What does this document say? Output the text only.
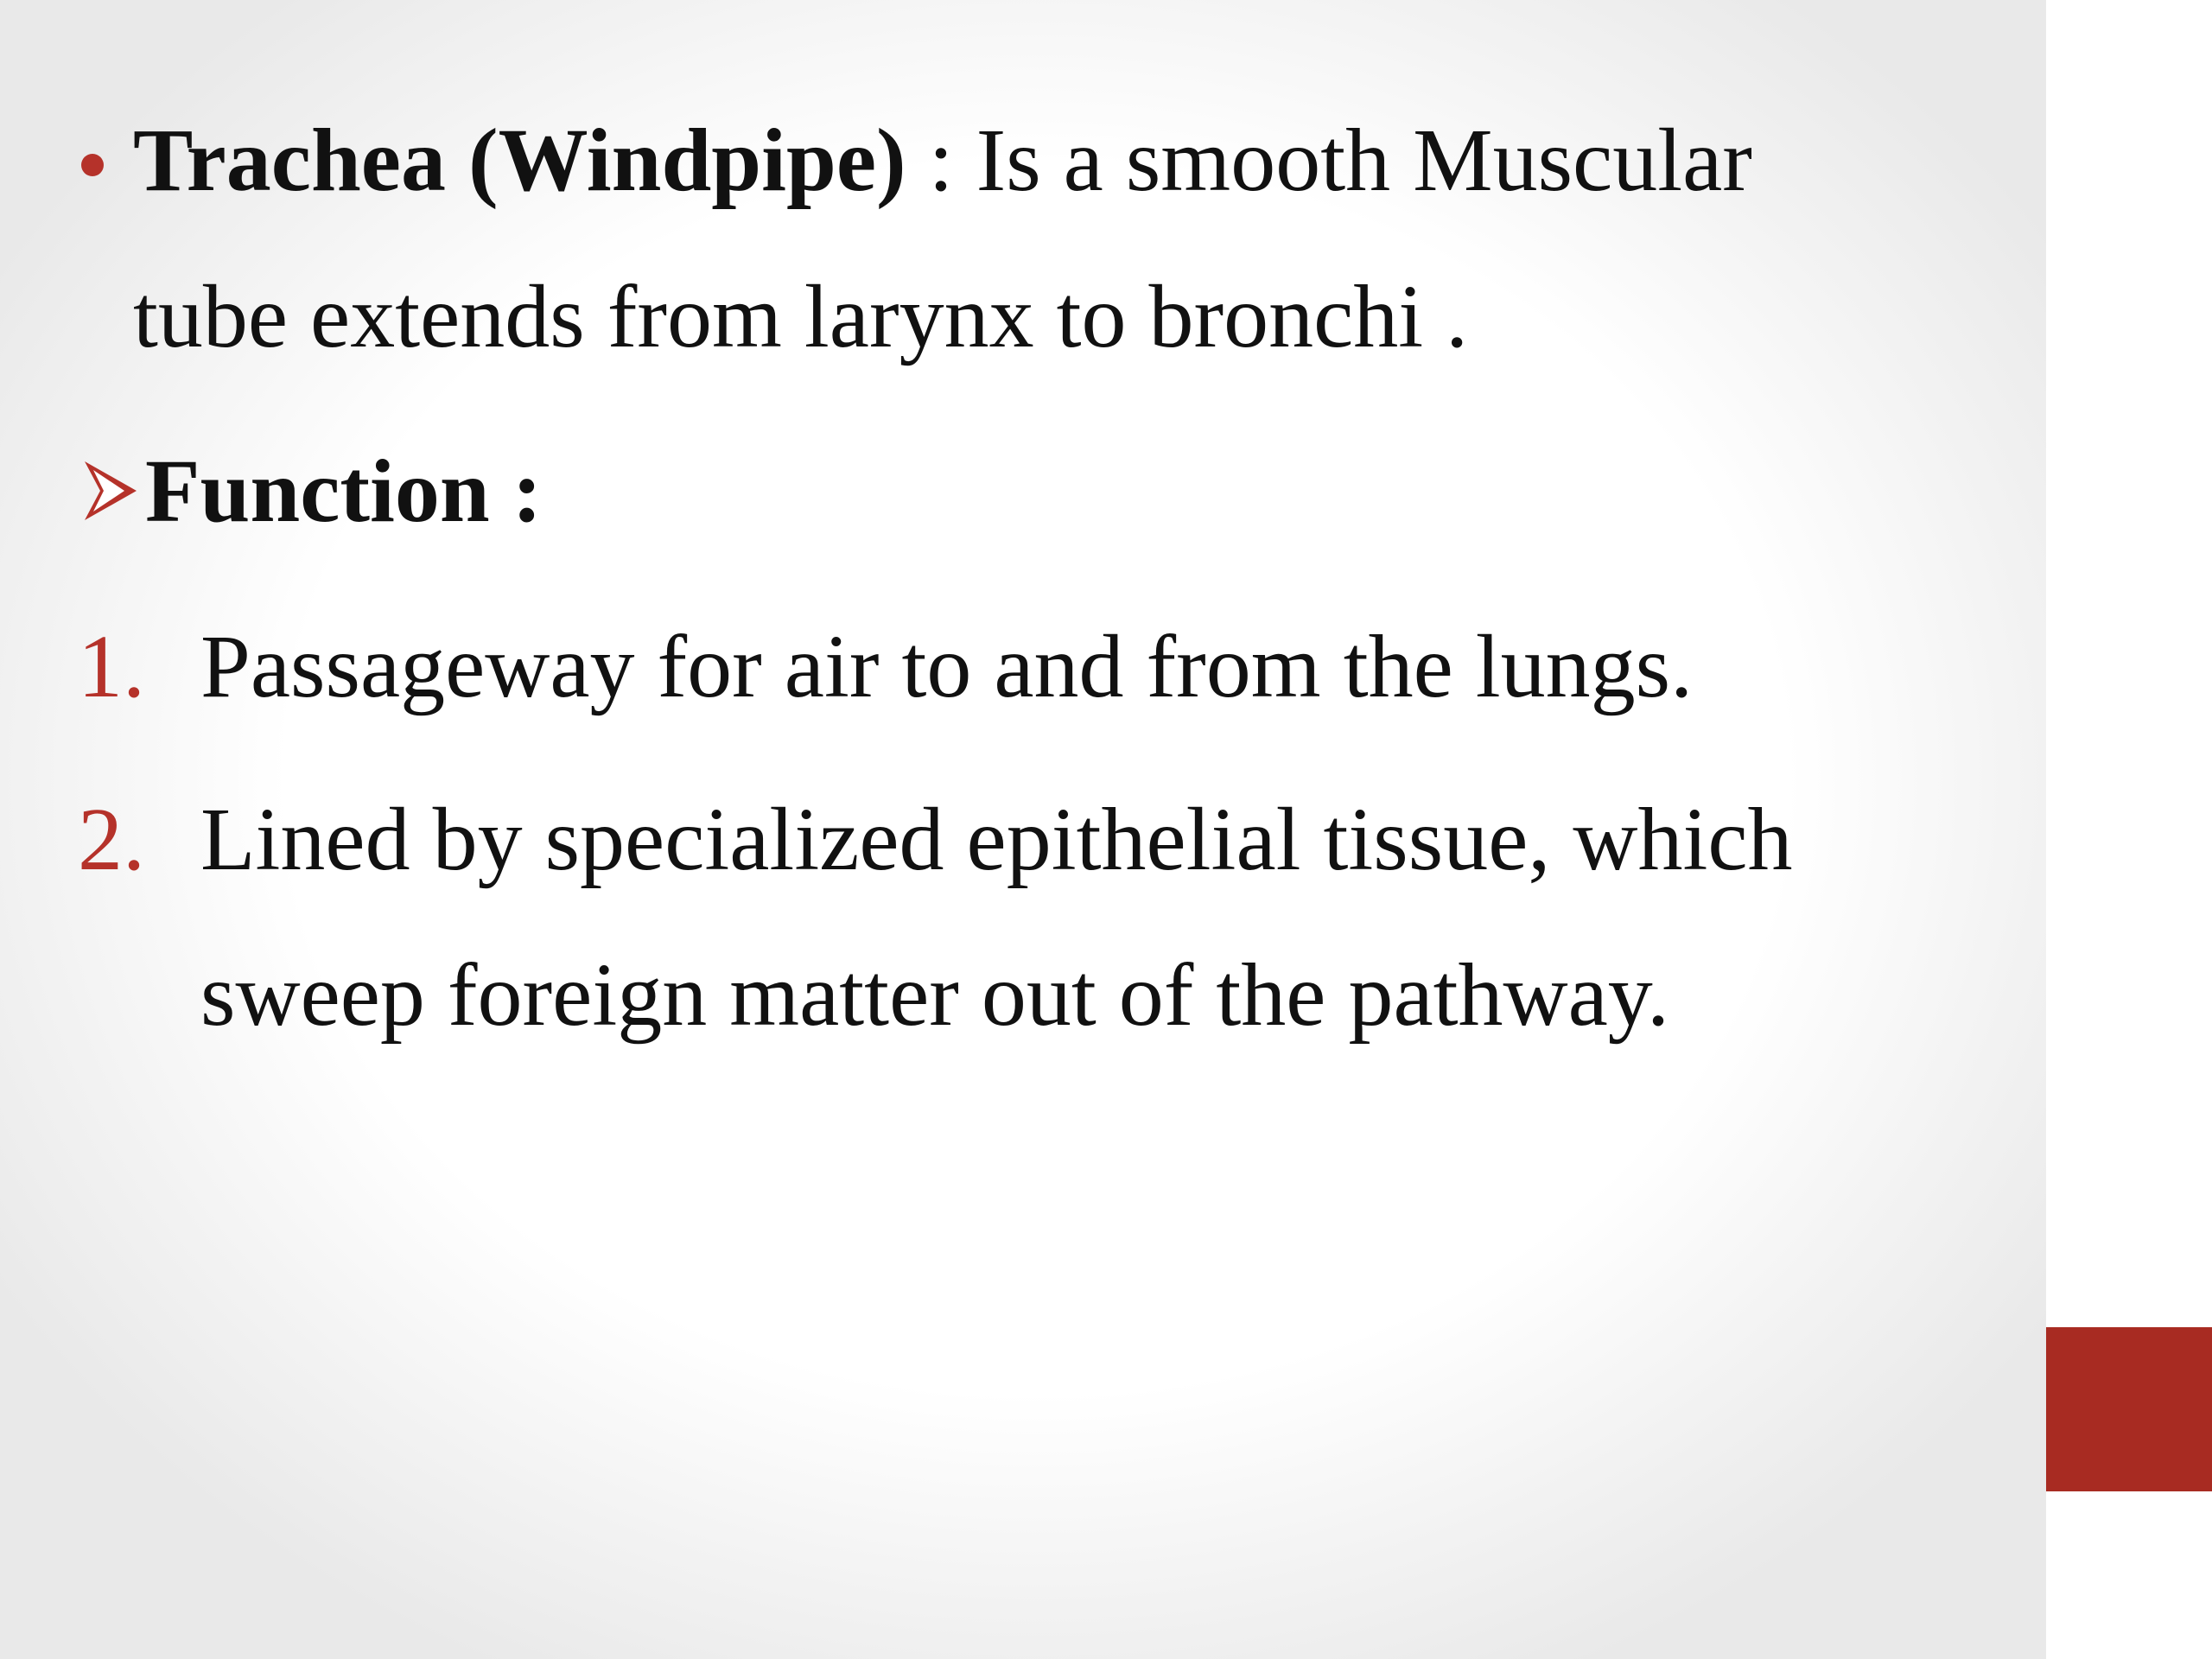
Trachea (Windpipe) : Is a smooth Muscular
tube extends from larynx to bronchi .
Function :
1. Passageway for air to and from the lungs.
2. Lined by specialized epithelial tissue, which
sweep foreign matter out of the pathway.
